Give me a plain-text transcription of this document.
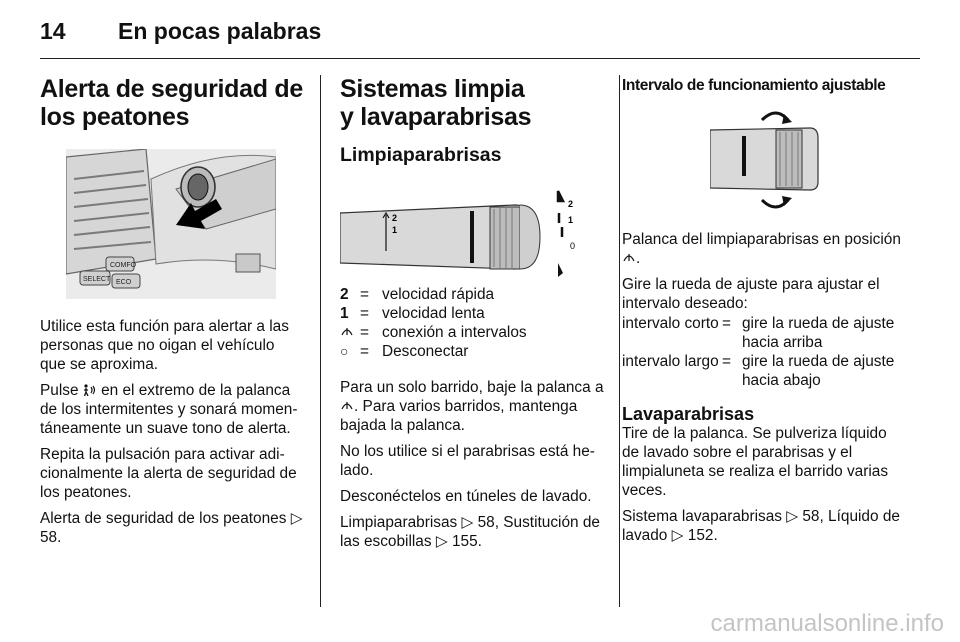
14	En pocas palabras
Alerta de seguridad de los peatones
COMFO
ECO
SELECT

Utilice esta función para alertar a las personas que no oigan el vehículo que se aproxima.

Pulse en el extremo de la palanca de los intermitentes y sonará momentáneamente un suave tono de alerta.

Repita la pulsación para activar adicionalmente la alerta de seguridad de los peatones.

Alerta de seguridad de los peatones ▷ 58.

Sistemas limpia
y lavaparabrisas
Limpiaparabrisas
2
1
2
1
0
2	=	velocidad rápida
1	=	velocidad lenta
	=	conexión a intervalos
○	=	Desconectar

Para un solo barrido, baje la palanca a . Para varios barridos, mantenga bajada la palanca.

No los utilice si el parabrisas está helado.

Desconéctelos en túneles de lavado.

Limpiaparabrisas ▷ 58, Sustitución de las escobillas ▷ 155.

Intervalo de funcionamiento ajustable

Palanca del limpiaparabrisas en posición .

Gire la rueda de ajuste para ajustar el intervalo deseado:

intervalo corto	=	gire la rueda de ajuste hacia arriba
intervalo largo	=	gire la rueda de ajuste hacia abajo
Lavaparabrisas

Tire de la palanca. Se pulveriza líquido de lavado sobre el parabrisas y el limpialuneta se realiza el barrido varias veces.

Sistema lavaparabrisas ▷ 58, Líquido de lavado ▷ 152.

carmanualsonline.info
